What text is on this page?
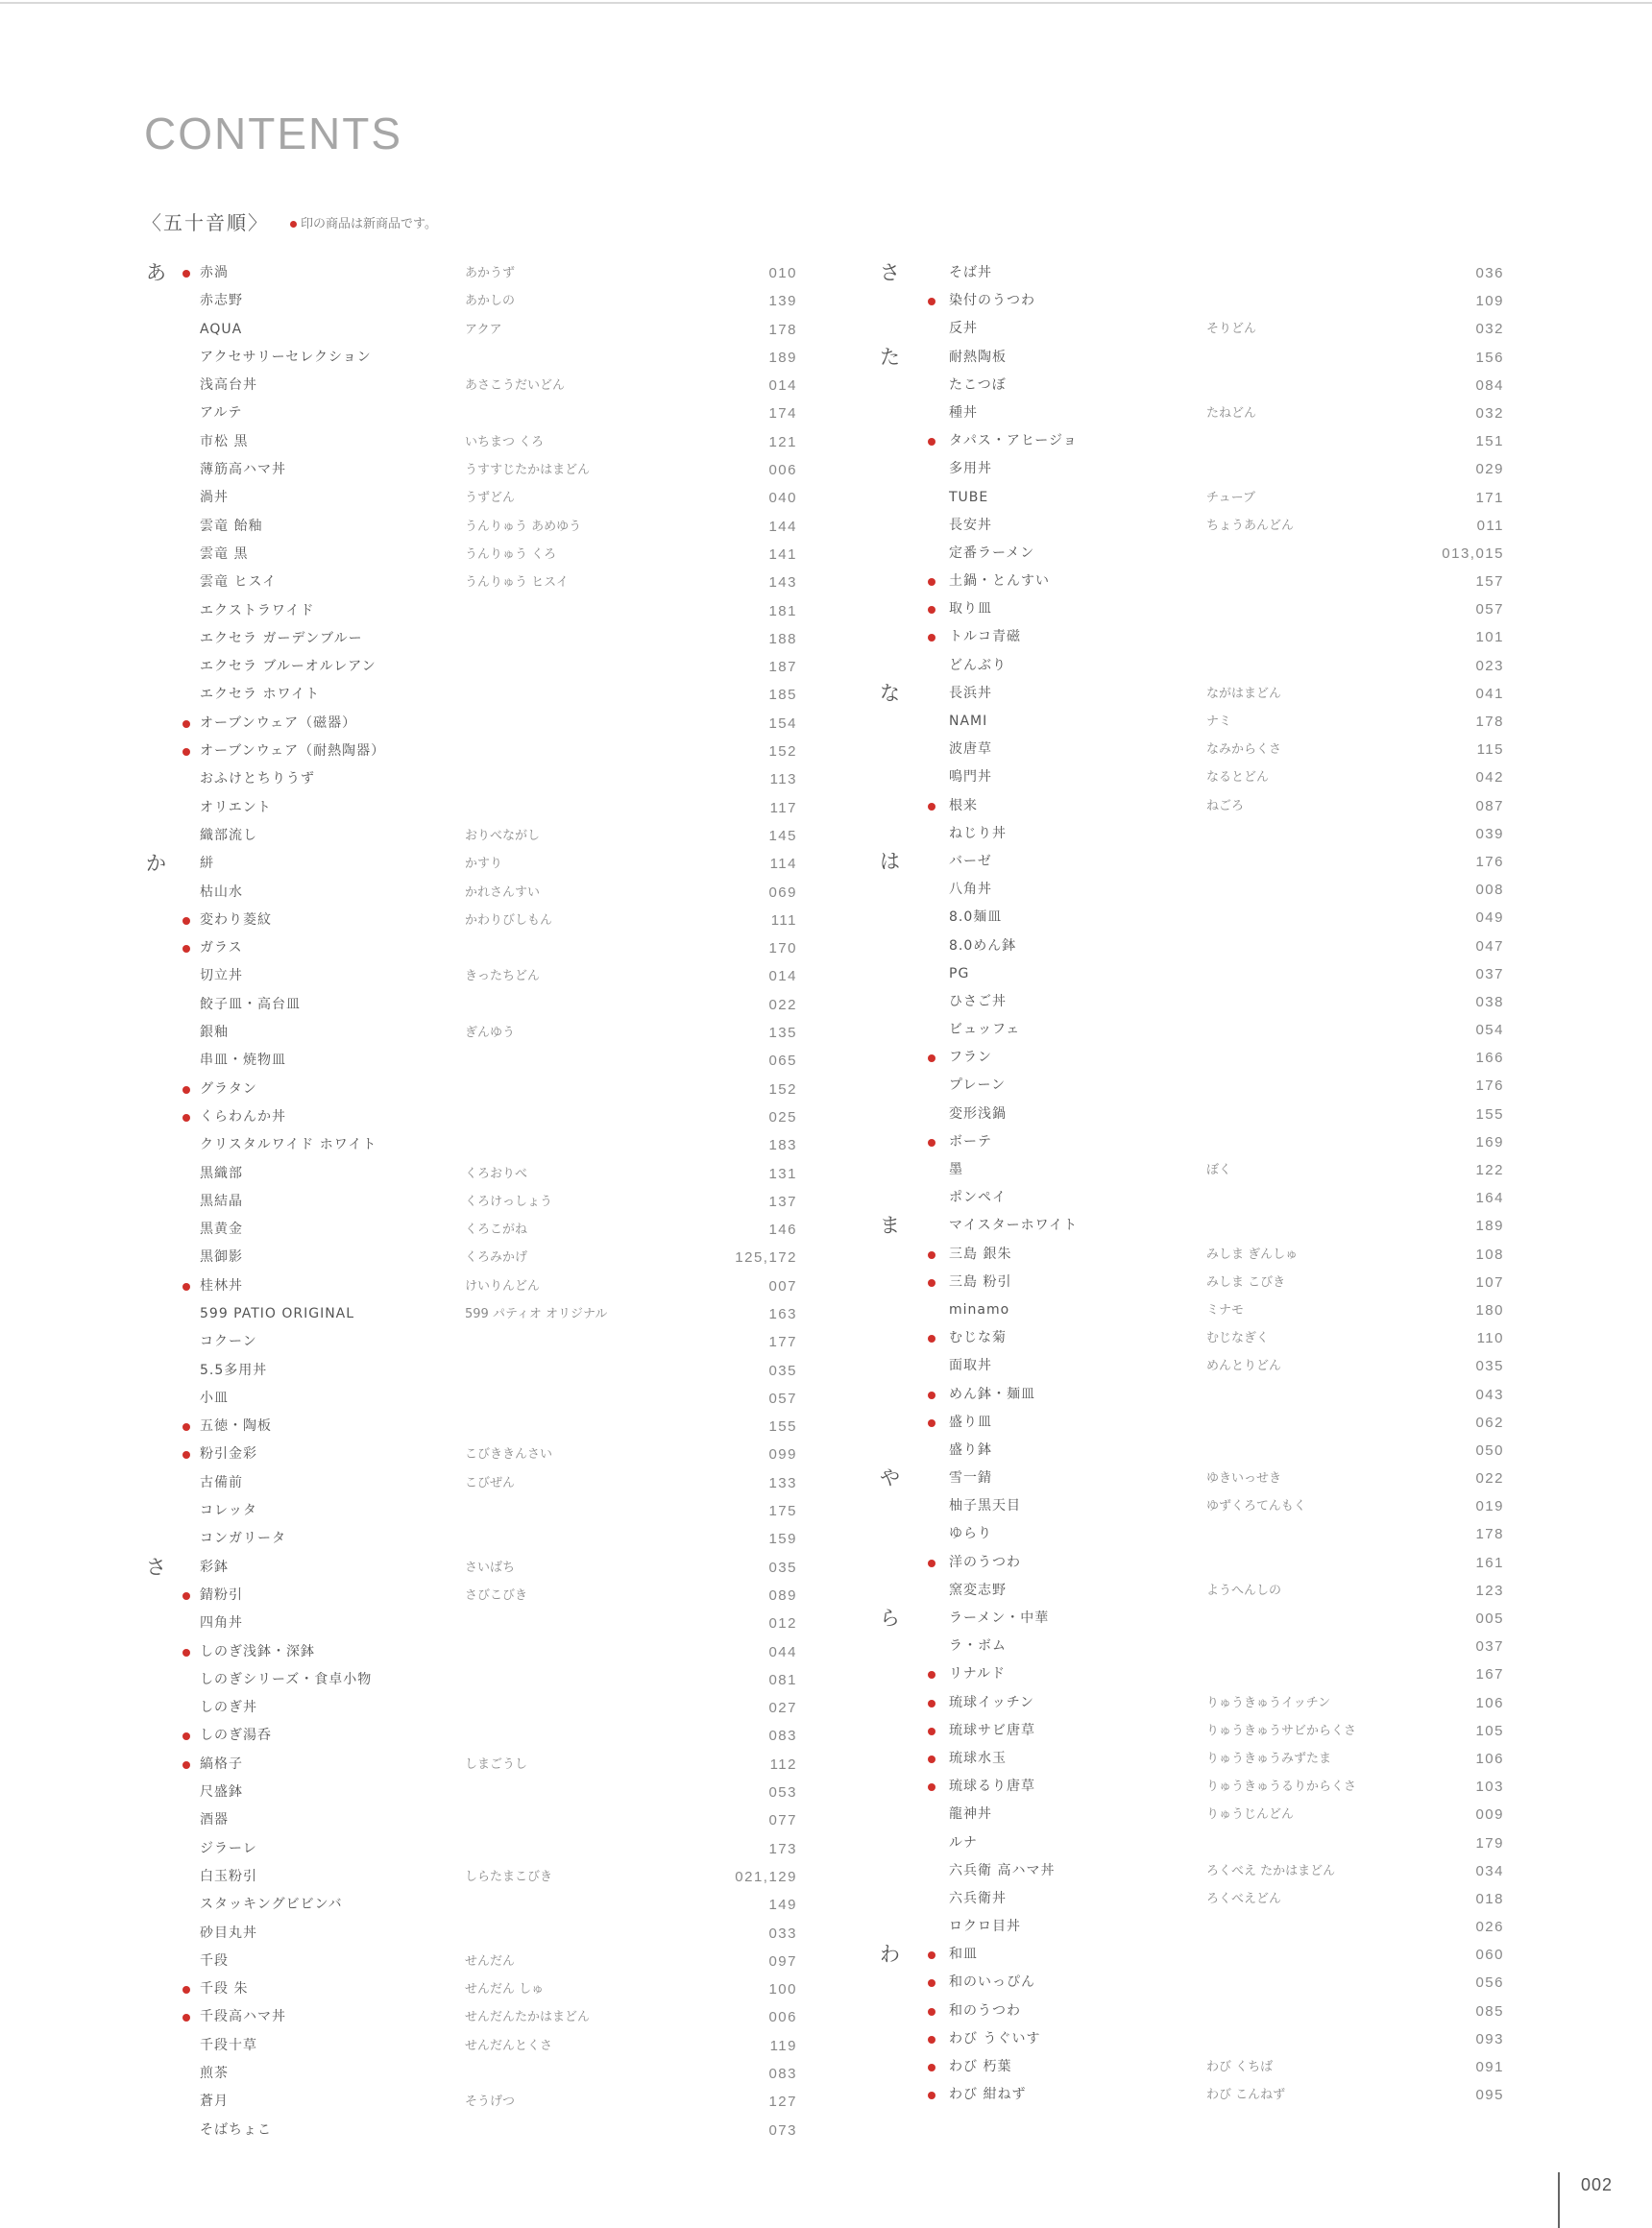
CONTENTS
〈五十音順〉	印の商品は新商品です。
あ	赤渦	あかうず	010
赤志野	あかしの	139
AQUA	アクア	178
アクセサリーセレクション	189
浅高台丼	あさこうだいどん	014
アルテ	174
市松 黒	いちまつ くろ	121
薄筋高ハマ丼	うすすじたかはまどん	006
渦丼	うずどん	040
雲竜 飴釉	うんりゅう あめゆう	144
雲竜 黒	うんりゅう くろ	141
雲竜 ヒスイ	うんりゅう ヒスイ	143
エクストラワイド	181
エクセラ ガーデンブルー	188
エクセラ ブルーオルレアン	187
エクセラ ホワイト	185
オーブンウェア（磁器）	154
オーブンウェア（耐熱陶器）	152
おふけとちりうず	113
オリエント	117
織部流し	おりべながし	145
か	絣	かすり	114
枯山水	かれさんすい	069
変わり菱紋	かわりびしもん	111
ガラス	170
切立丼	きったちどん	014
餃子皿・高台皿	022
銀釉	ぎんゆう	135
串皿・焼物皿	065
グラタン	152
くらわんか丼	025
クリスタルワイド ホワイト	183
黒織部	くろおりべ	131
黒結晶	くろけっしょう	137
黒黄金	くろこがね	146
黒御影	くろみかげ	125,172
桂林丼	けいりんどん	007
599 PATIO ORIGINAL	599 パティオ オリジナル	163
コクーン	177
5.5多用丼	035
小皿	057
五徳・陶板	155
粉引金彩	こびききんさい	099
古備前	こびぜん	133
コレッタ	175
コンガリータ	159
さ	彩鉢	さいばち	035
錆粉引	さびこびき	089
四角丼	012
しのぎ浅鉢・深鉢	044
しのぎシリーズ・食卓小物	081
しのぎ丼	027
しのぎ湯呑	083
縞格子	しまごうし	112
尺盛鉢	053
酒器	077
ジラーレ	173
白玉粉引	しらたまこびき	021,129
スタッキングビビンバ	149
砂目丸丼	033
千段	せんだん	097
千段 朱	せんだん しゅ	100
千段高ハマ丼	せんだんたかはまどん	006
千段十草	せんだんとくさ	119
煎茶	083
蒼月	そうげつ	127
そばちょこ	073
さ	そば丼	036
染付のうつわ	109
反丼	そりどん	032
た	耐熱陶板	156
たこつぼ	084
種丼	たねどん	032
タパス・アヒージョ	151
多用丼	029
TUBE	チューブ	171
長安丼	ちょうあんどん	011
定番ラーメン	013,015
土鍋・とんすい	157
取り皿	057
トルコ青磁	101
どんぶり	023
な	長浜丼	ながはまどん	041
NAMI	ナミ	178
波唐草	なみからくさ	115
鳴門丼	なるとどん	042
根来	ねごろ	087
ねじり丼	039
は	バーゼ	176
八角丼	008
8.0麺皿	049
8.0めん鉢	047
PG	037
ひさご丼	038
ビュッフェ	054
フラン	166
プレーン	176
変形浅鍋	155
ボーテ	169
墨	ぼく	122
ポンペイ	164
ま	マイスターホワイト	189
三島 銀朱	みしま ぎんしゅ	108
三島 粉引	みしま こびき	107
minamo	ミナモ	180
むじな菊	むじなぎく	110
面取丼	めんとりどん	035
めん鉢・麺皿	043
盛り皿	062
盛り鉢	050
や	雪一錆	ゆきいっせき	022
柚子黒天目	ゆずくろてんもく	019
ゆらり	178
洋のうつわ	161
窯変志野	ようへんしの	123
ら	ラーメン・中華	005
ラ・ボム	037
リナルド	167
琉球イッチン	りゅうきゅうイッチン	106
琉球サビ唐草	りゅうきゅうサビからくさ	105
琉球水玉	りゅうきゅうみずたま	106
琉球るり唐草	りゅうきゅうるりからくさ	103
龍神丼	りゅうじんどん	009
ルナ	179
六兵衛 高ハマ丼	ろくべえ たかはまどん	034
六兵衛丼	ろくべえどん	018
ロクロ目丼	026
わ	和皿	060
和のいっぴん	056
和のうつわ	085
わび うぐいす	093
わび 朽葉	わび くちば	091
わび 紺ねず	わび こんねず	095
002
